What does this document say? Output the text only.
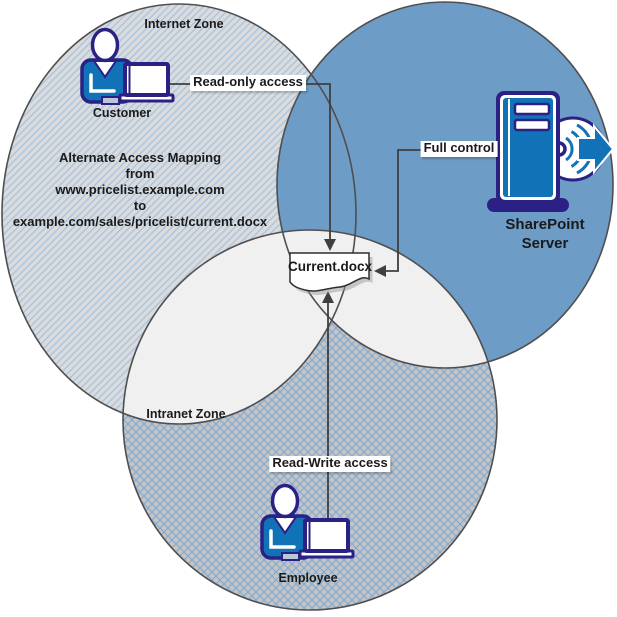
Internet Zone
Customer
Read-only access
Alternate Access Mapping
from
www.pricelist.example.com
to
example.com/sales/pricelist/current.docx
Full control
SharePoint
Server
Current.docx
Intranet Zone
Read-Write access
Employee
